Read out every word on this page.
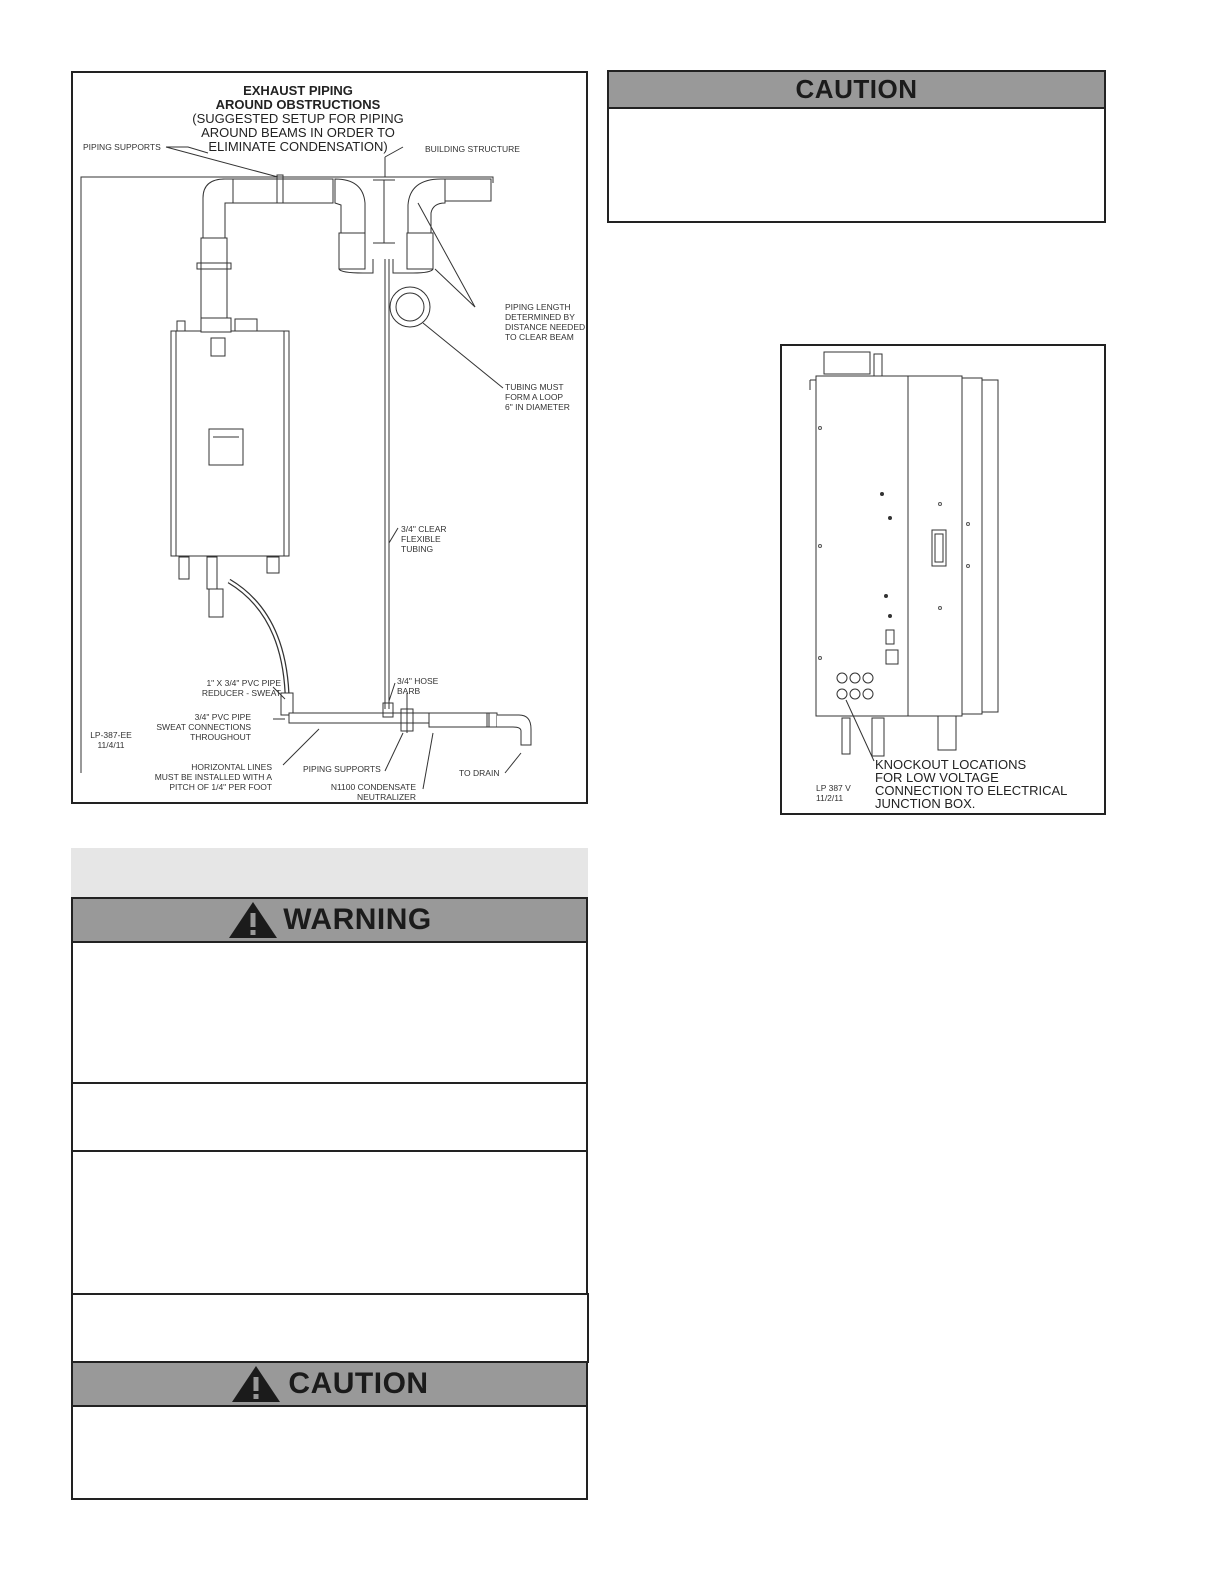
EXHAUST PIPING
AROUND OBSTRUCTIONS
(SUGGESTED SETUP FOR PIPING
AROUND BEAMS IN ORDER TO
ELIMINATE CONDENSATION)
PIPING SUPPORTS	BUILDING STRUCTURE
PIPING LENGTH
DETERMINED BY
DISTANCE NEEDED
TO CLEAR BEAM
TUBING MUST
FORM A LOOP
6" IN DIAMETER
3/4" CLEAR
FLEXIBLE
TUBING
1" X 3/4" PVC PIPE
REDUCER - SWEAT
3/4" HOSE
BARB
3/4" PVC PIPE
SWEAT CONNECTIONS
THROUGHOUT
LP-387-EE
11/4/11
HORIZONTAL LINES
MUST BE INSTALLED WITH A
PITCH OF 1/4" PER FOOT
PIPING SUPPORTS
N1100 CONDENSATE
NEUTRALIZER
TO DRAIN
CAUTION
KNOCKOUT LOCATIONS
FOR LOW VOLTAGE
CONNECTION TO ELECTRICAL
JUNCTION BOX.
LP 387 V
11/2/11
WARNING
CAUTION
